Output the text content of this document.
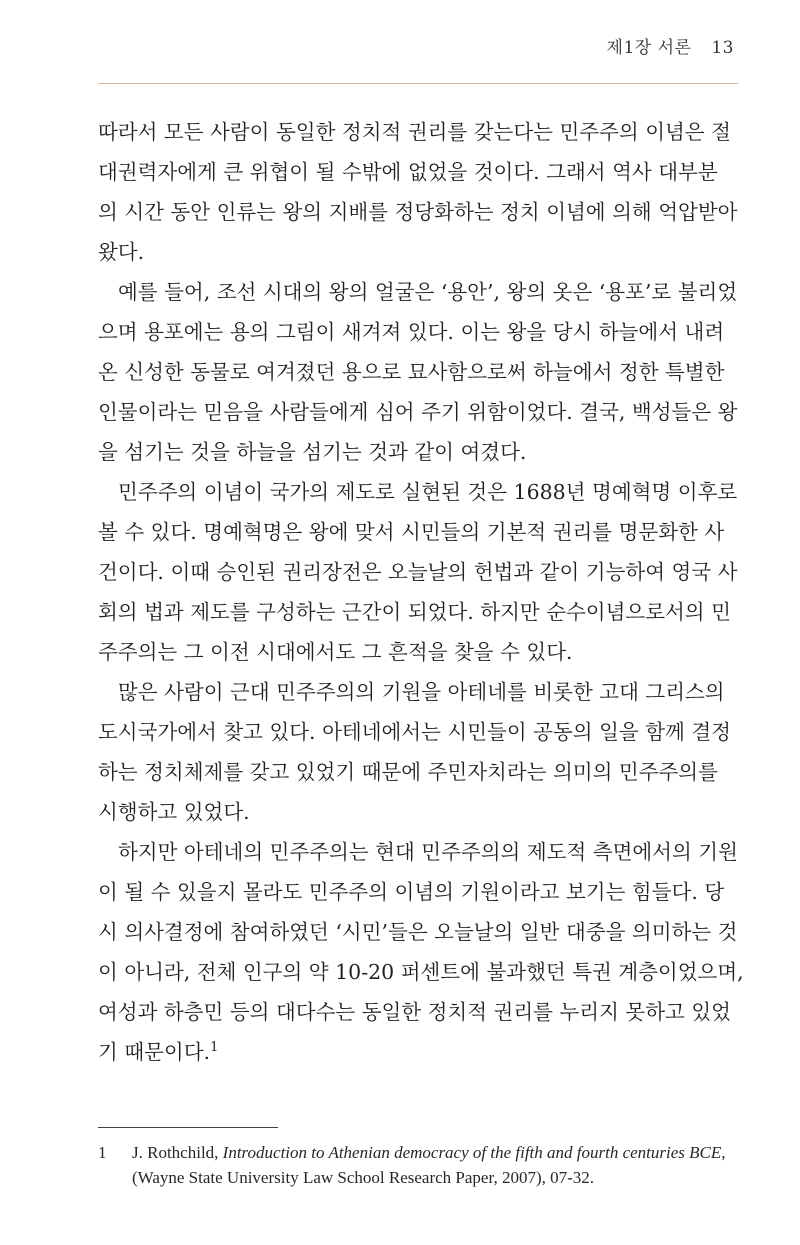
제1장 서론 13
따라서 모든 사람이 동일한 정치적 권리를 갖는다는 민주주의 이념은 절
대권력자에게 큰 위협이 될 수밖에 없었을 것이다. 그래서 역사 대부분
의 시간 동안 인류는 왕의 지배를 정당화하는 정치 이념에 의해 억압받아
왔다.
예를 들어, 조선 시대의 왕의 얼굴은 ‘용안’, 왕의 옷은 ‘용포’로 불리었
으며 용포에는 용의 그림이 새겨져 있다. 이는 왕을 당시 하늘에서 내려
온 신성한 동물로 여겨졌던 용으로 묘사함으로써 하늘에서 정한 특별한
인물이라는 믿음을 사람들에게 심어 주기 위함이었다. 결국, 백성들은 왕
을 섬기는 것을 하늘을 섬기는 것과 같이 여겼다.
민주주의 이념이 국가의 제도로 실현된 것은 1688년 명예혁명 이후로
볼 수 있다. 명예혁명은 왕에 맞서 시민들의 기본적 권리를 명문화한 사
건이다. 이때 승인된 권리장전은 오늘날의 헌법과 같이 기능하여 영국 사
회의 법과 제도를 구성하는 근간이 되었다. 하지만 순수이념으로서의 민
주주의는 그 이전 시대에서도 그 흔적을 찾을 수 있다.
많은 사람이 근대 민주주의의 기원을 아테네를 비롯한 고대 그리스의
도시국가에서 찾고 있다. 아테네에서는 시민들이 공동의 일을 함께 결정
하는 정치체제를 갖고 있었기 때문에 주민자치라는 의미의 민주주의를
시행하고 있었다.
하지만 아테네의 민주주의는 현대 민주주의의 제도적 측면에서의 기원
이 될 수 있을지 몰라도 민주주의 이념의 기원이라고 보기는 힘들다. 당
시 의사결정에 참여하였던 ‘시민’들은 오늘날의 일반 대중을 의미하는 것
이 아니라, 전체 인구의 약 10-20 퍼센트에 불과했던 특권 계층이었으며,
여성과 하층민 등의 대다수는 동일한 정치적 권리를 누리지 못하고 있었
기 때문이다.$^1$
1 J. Rothchild, Introduction to Athenian democracy of the fifth and fourth centuries BCE,
(Wayne State University Law School Research Paper, 2007), 07-32.
